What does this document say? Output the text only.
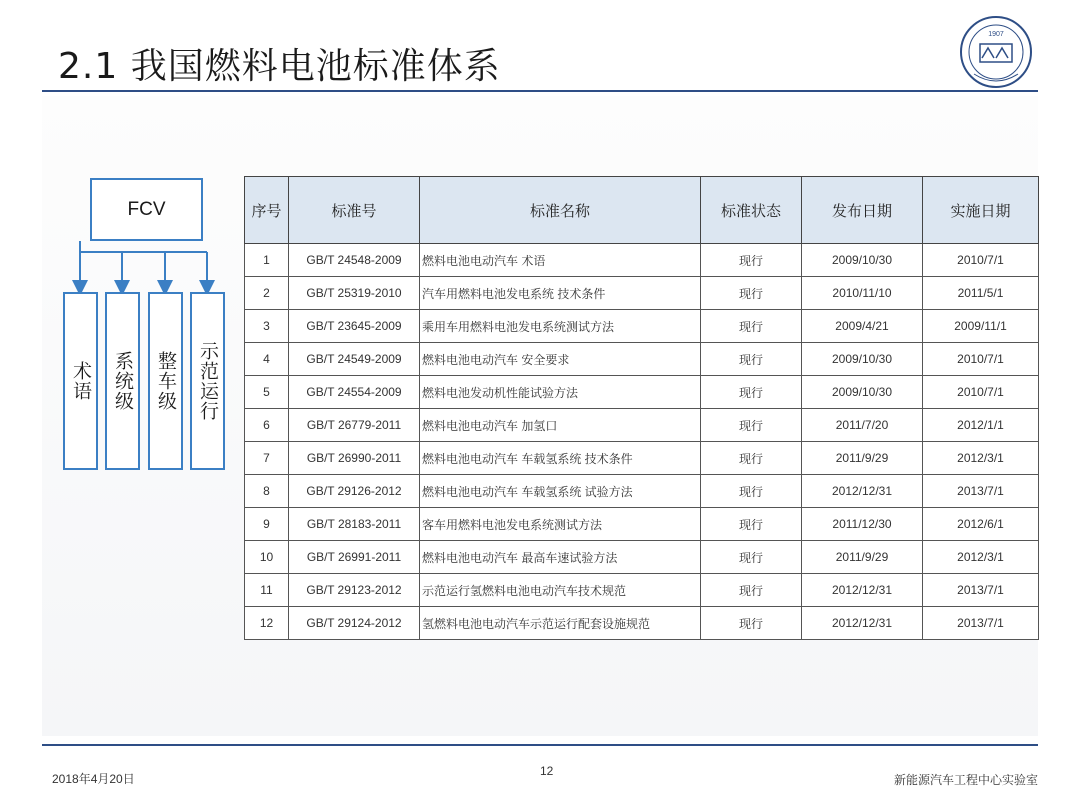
2.1 我国燃料电池标准体系
1907
FCV
术语 系统级 整车级 示范运行
序号	标准号	标准名称	标准状态	发布日期	实施日期
1	GB/T 24548-2009	燃料电池电动汽车 术语	现行	2009/10/30	2010/7/1
2	GB/T 25319-2010	汽车用燃料电池发电系统 技术条件	现行	2010/11/10	2011/5/1
3	GB/T 23645-2009	乘用车用燃料电池发电系统测试方法	现行	2009/4/21	2009/11/1
4	GB/T 24549-2009	燃料电池电动汽车 安全要求	现行	2009/10/30	2010/7/1
5	GB/T 24554-2009	燃料电池发动机性能试验方法	现行	2009/10/30	2010/7/1
6	GB/T 26779-2011	燃料电池电动汽车 加氢口	现行	2011/7/20	2012/1/1
7	GB/T 26990-2011	燃料电池电动汽车 车载氢系统 技术条件	现行	2011/9/29	2012/3/1
8	GB/T 29126-2012	燃料电池电动汽车 车载氢系统 试验方法	现行	2012/12/31	2013/7/1
9	GB/T 28183-2011	客车用燃料电池发电系统测试方法	现行	2011/12/30	2012/6/1
10	GB/T 26991-2011	燃料电池电动汽车 最高车速试验方法	现行	2011/9/29	2012/3/1
11	GB/T 29123-2012	示范运行氢燃料电池电动汽车技术规范	现行	2012/12/31	2013/7/1
12	GB/T 29124-2012	氢燃料电池电动汽车示范运行配套设施规范	现行	2012/12/31	2013/7/1
2018年4月20日
12
新能源汽车工程中心实验室
